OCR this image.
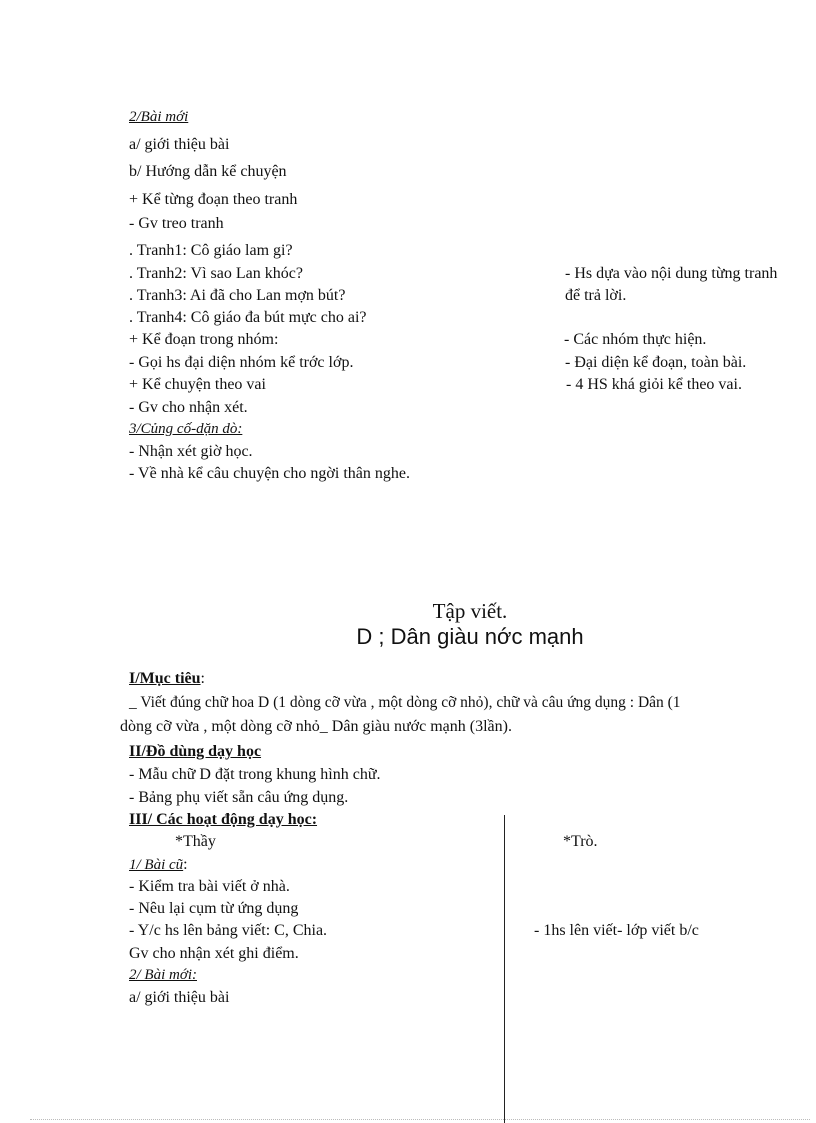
2/Bài mới
a/ giới thiệu bài
b/ Hướng dẫn kể chuyện
+ Kể từng đoạn theo tranh
- Gv treo tranh
. Tranh1: Cô giáo lam gi?
. Tranh2: Vì sao Lan khóc?
. Tranh3: Ai đã cho Lan mợn bút?
. Tranh4: Cô giáo đa bút mực cho ai?
+ Kể đoạn trong nhóm:
- Gọi hs đại diện nhóm kể trớc lớp.
+ Kể chuyện theo vai
- Gv cho nhận xét.
- Hs dựa vào nội dung từng tranh
để trả lời.
- Các nhóm thực hiện.
- Đại diện kể đoạn, toàn bài.
- 4 HS khá giỏi kể theo vai.
3/Củng cố-dặn dò:
- Nhận xét giờ học.
- Về nhà kể câu chuyện cho ngời thân nghe.
Tập viết.
D ; Dân giàu nớc mạnh
I/Mục tiêu:
_ Viết đúng chữ hoa D (1 dòng cỡ vừa , một dòng cỡ nhỏ), chữ và câu ứng dụng : Dân (1
dòng cỡ vừa , một dòng cỡ nhỏ_ Dân giàu nước mạnh (3lần).
II/Đồ dùng dạy học
- Mẫu chữ D đặt trong khung hình chữ.
- Bảng phụ viết sẵn câu ứng dụng.
III/ Các hoạt động dạy học:
*Thầy	*Trò.
1/ Bài cũ:
- Kiểm tra bài viết ở nhà.
- Nêu lại cụm từ ứng dụng
- Y/c hs lên bảng viết: C, Chia.
Gv cho nhận xét ghi điểm.
- 1hs lên viết- lớp viết b/c
2/ Bài mới:
a/ giới thiệu bài
